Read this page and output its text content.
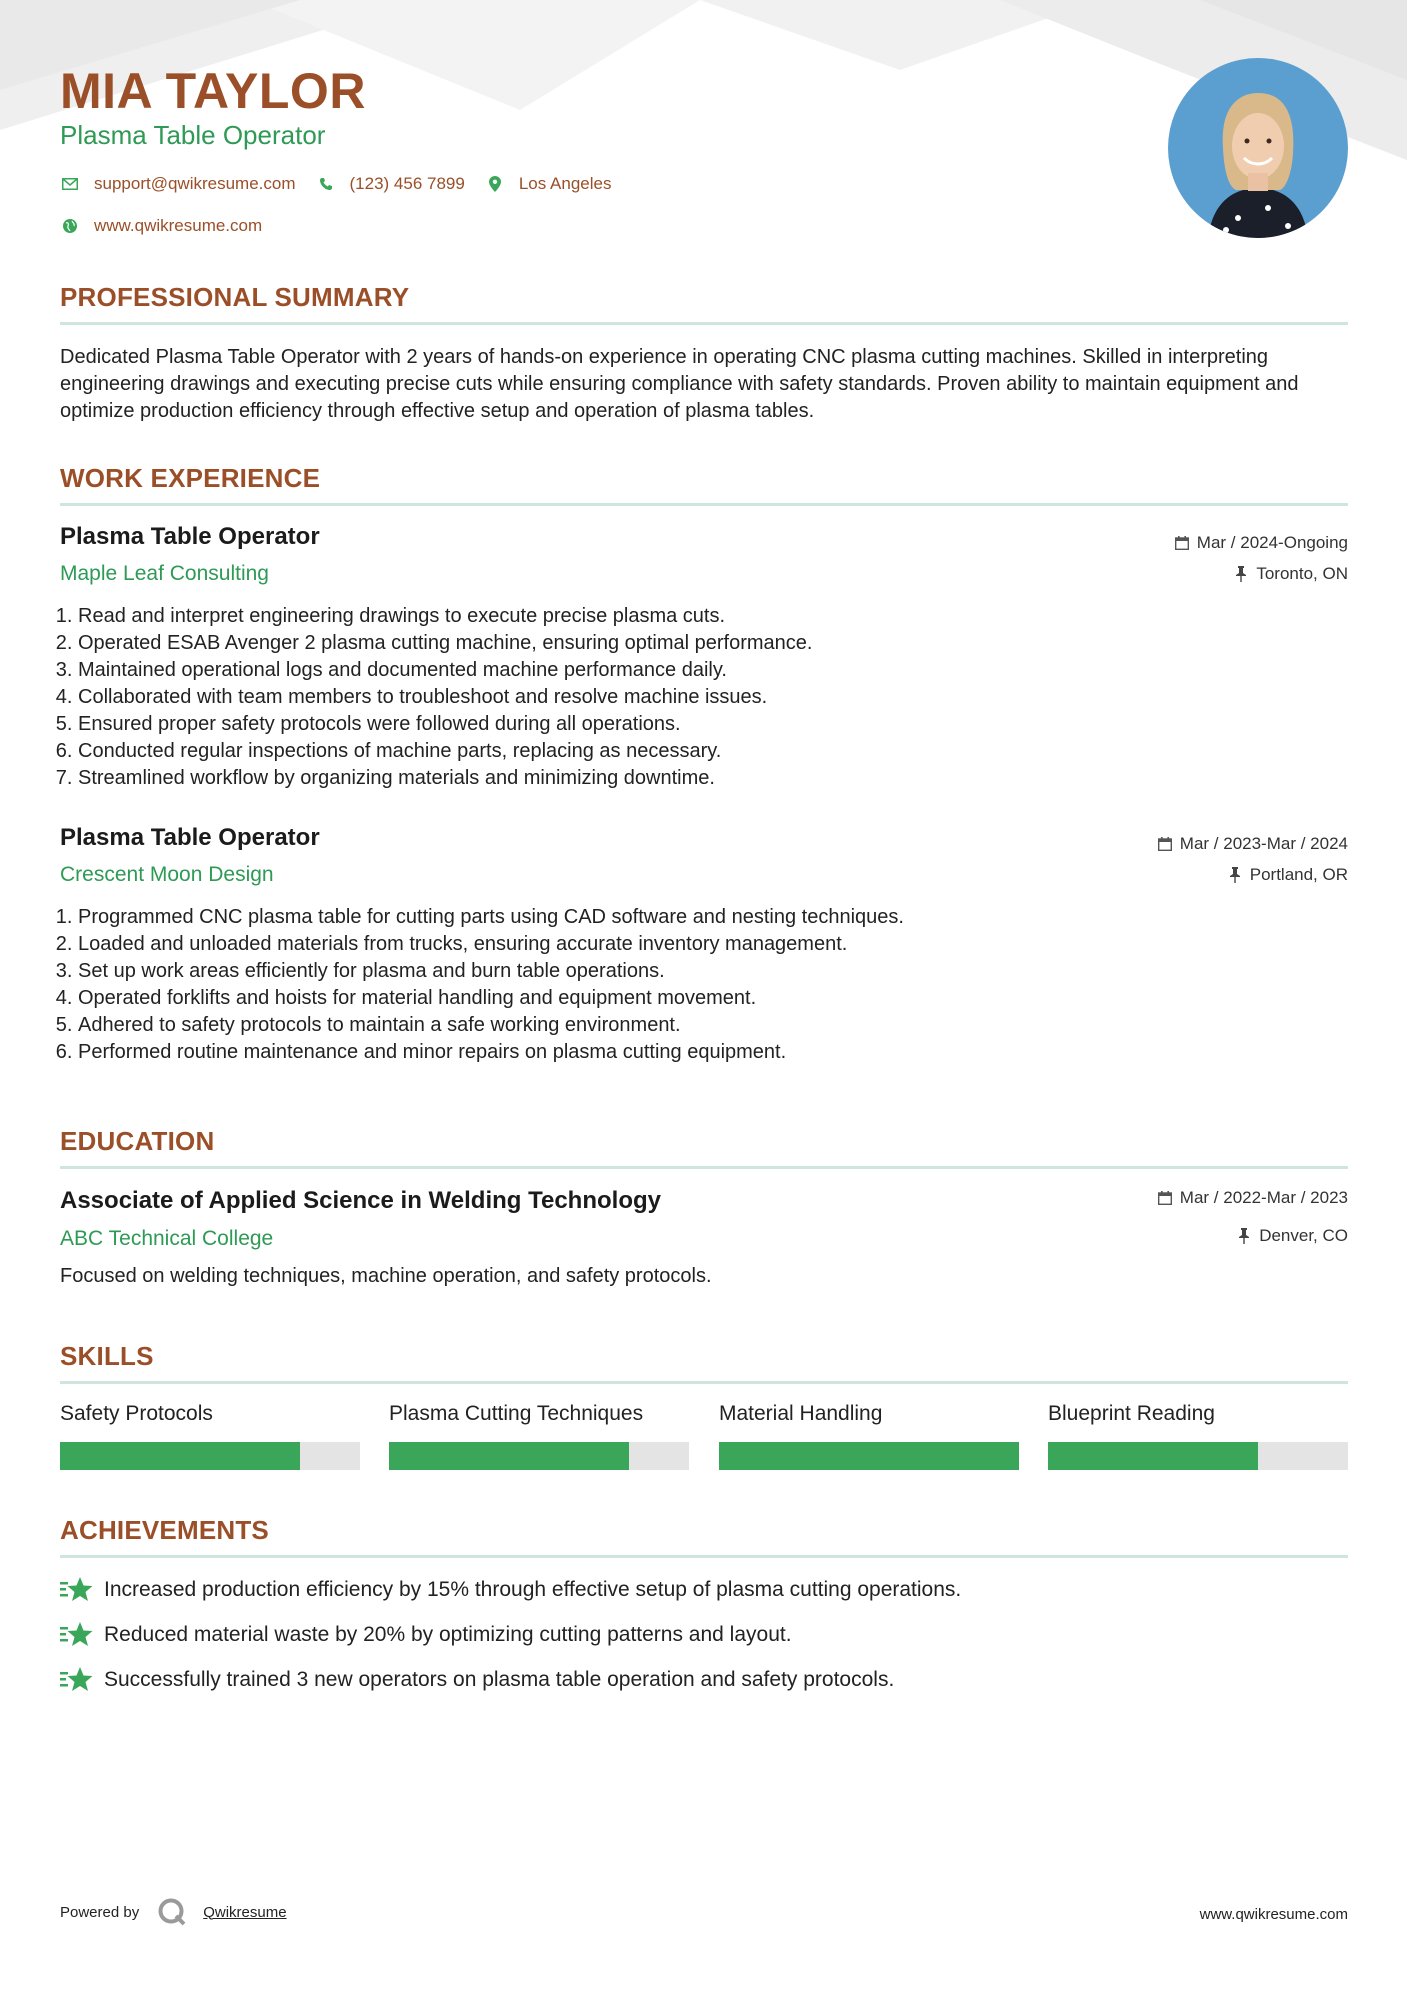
MIA TAYLOR
Plasma Table Operator
support@qwikresume.com	(123) 456 7899	Los Angeles
www.qwikresume.com
PROFESSIONAL SUMMARY

Dedicated Plasma Table Operator with 2 years of hands-on experience in operating CNC plasma cutting machines. Skilled in interpreting engineering drawings and executing precise cuts while ensuring compliance with safety standards. Proven ability to maintain equipment and optimize production efficiency through effective setup and operation of plasma tables.

WORK EXPERIENCE
Plasma Table Operator
Maple Leaf Consulting
Mar / 2024-Ongoing
Toronto, ON
1. Read and interpret engineering drawings to execute precise plasma cuts.
2. Operated ESAB Avenger 2 plasma cutting machine, ensuring optimal performance.
3. Maintained operational logs and documented machine performance daily.
4. Collaborated with team members to troubleshoot and resolve machine issues.
5. Ensured proper safety protocols were followed during all operations.
6. Conducted regular inspections of machine parts, replacing as necessary.
7. Streamlined workflow by organizing materials and minimizing downtime.
Plasma Table Operator
Crescent Moon Design
Mar / 2023-Mar / 2024
Portland, OR
1. Programmed CNC plasma table for cutting parts using CAD software and nesting techniques.
2. Loaded and unloaded materials from trucks, ensuring accurate inventory management.
3. Set up work areas efficiently for plasma and burn table operations.
4. Operated forklifts and hoists for material handling and equipment movement.
5. Adhered to safety protocols to maintain a safe working environment.
6. Performed routine maintenance and minor repairs on plasma cutting equipment.
EDUCATION
Associate of Applied Science in Welding Technology
ABC Technical College
Mar / 2022-Mar / 2023
Denver, CO

Focused on welding techniques, machine operation, and safety protocols.

SKILLS
Safety Protocols	Plasma Cutting Techniques	Material Handling	Blueprint Reading
ACHIEVEMENTS
Increased production efficiency by 15% through effective setup of plasma cutting operations.
Reduced material waste by 20% by optimizing cutting patterns and layout.
Successfully trained 3 new operators on plasma table operation and safety protocols.
Powered by	Qwikresume	www.qwikresume.com
